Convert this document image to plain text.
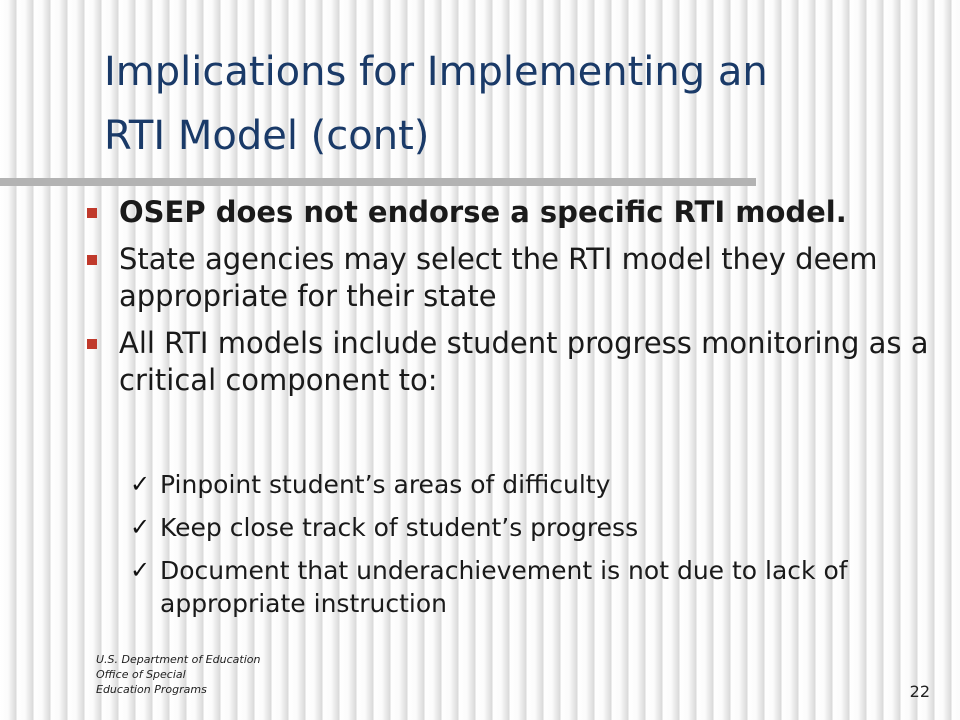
Implications for Implementing an
RTI Model (cont)
OSEP does not endorse a specific RTI model.
State agencies may select the RTI model they deem appropriate for their state
All RTI models include student progress monitoring as a critical component to:
✓ Pinpoint student’s areas of difficulty
✓ Keep close track of student’s progress
✓ Document that underachievement is not due to lack of appropriate instruction
U.S. Department of Education
Office of Special
Education Programs	22
